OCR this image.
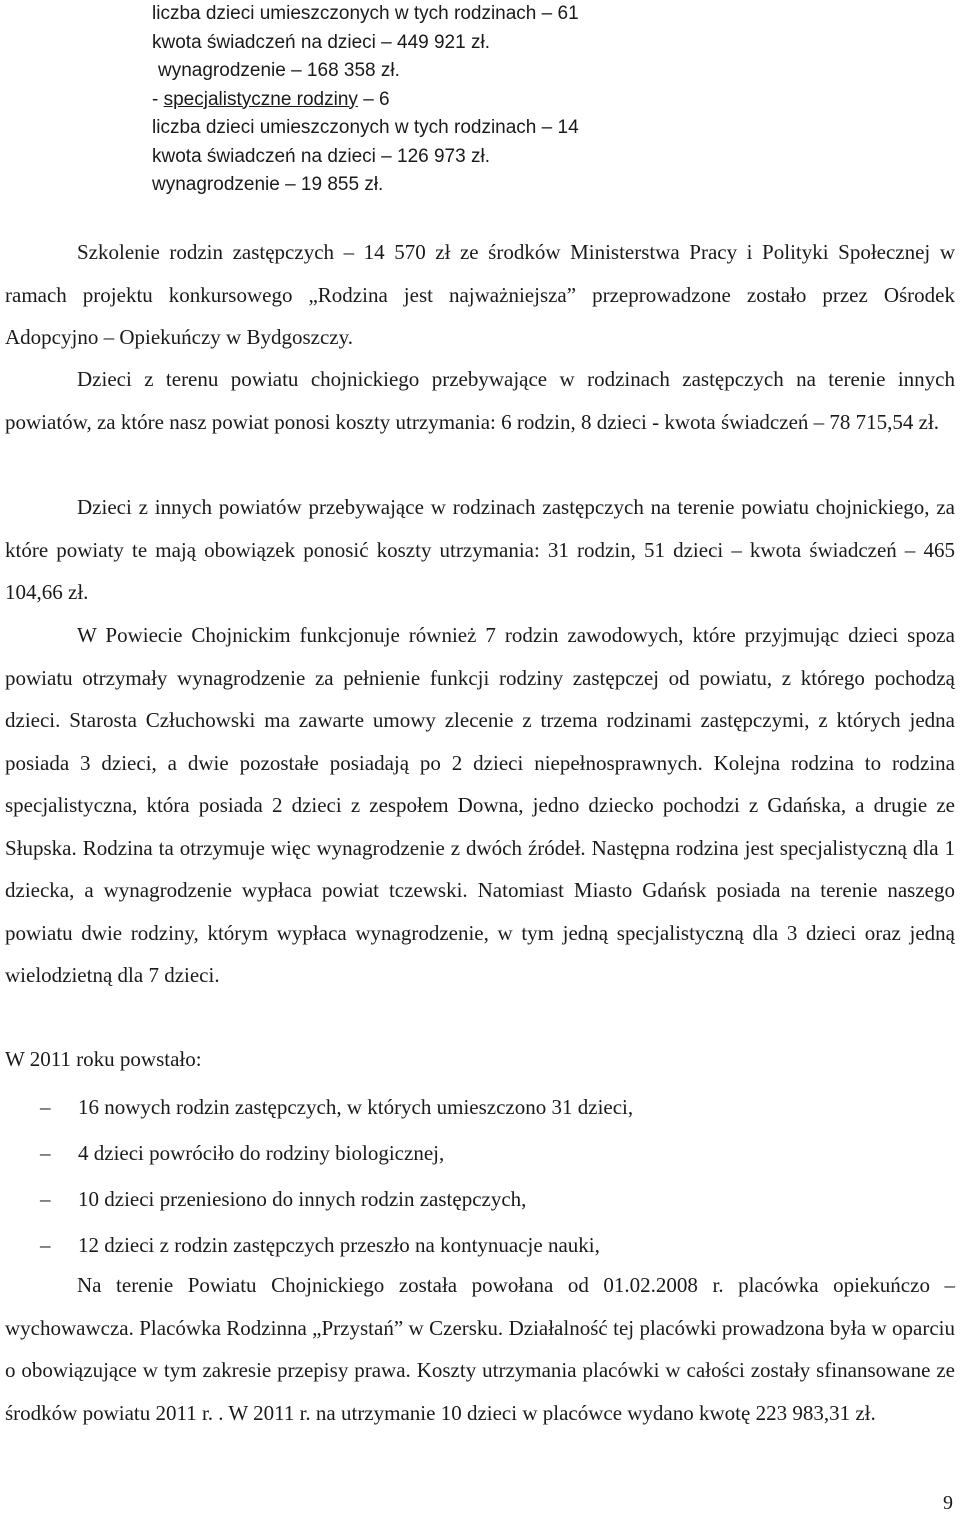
liczba dzieci umieszczonych w tych rodzinach – 61
kwota świadczeń na dzieci – 449 921 zł.
wynagrodzenie – 168 358 zł.
- specjalistyczne rodziny – 6
liczba dzieci umieszczonych w tych rodzinach – 14
kwota świadczeń na dzieci – 126 973 zł.
wynagrodzenie – 19 855 zł.

Szkolenie rodzin zastępczych – 14 570 zł ze środków Ministerstwa Pracy i Polityki Społecznej w ramach projektu konkursowego „Rodzina jest najważniejsza” przeprowadzone zostało przez Ośrodek Adopcyjno – Opiekuńczy w Bydgoszczy.

Dzieci z terenu powiatu chojnickiego przebywające w rodzinach zastępczych na terenie innych powiatów, za które nasz powiat ponosi koszty utrzymania: 6 rodzin, 8 dzieci - kwota świadczeń – 78 715,54 zł.

Dzieci z innych powiatów przebywające w rodzinach zastępczych na terenie powiatu chojnickiego, za które powiaty te mają obowiązek ponosić koszty utrzymania: 31 rodzin, 51 dzieci – kwota świadczeń – 465 104,66 zł.

W Powiecie Chojnickim funkcjonuje również 7 rodzin zawodowych, które przyjmując dzieci spoza powiatu otrzymały wynagrodzenie za pełnienie funkcji rodziny zastępczej od powiatu, z którego pochodzą dzieci. Starosta Człuchowski ma zawarte umowy zlecenie z trzema rodzinami zastępczymi, z których jedna posiada 3 dzieci, a dwie pozostałe posiadają po 2 dzieci niepełnosprawnych. Kolejna rodzina to rodzina specjalistyczna, która posiada 2 dzieci z zespołem Downa, jedno dziecko pochodzi z Gdańska, a drugie ze Słupska. Rodzina ta otrzymuje więc wynagrodzenie z dwóch źródeł. Następna rodzina jest specjalistyczną dla 1 dziecka, a wynagrodzenie wypłaca powiat tczewski. Natomiast Miasto Gdańsk posiada na terenie naszego powiatu dwie rodziny, którym wypłaca wynagrodzenie, w tym jedną specjalistyczną dla 3 dzieci oraz jedną wielodzietną dla 7 dzieci.

W 2011 roku powstało:
– 16 nowych rodzin zastępczych, w których umieszczono 31 dzieci,
– 4 dzieci powróciło do rodziny biologicznej,
– 10 dzieci przeniesiono do innych rodzin zastępczych,
– 12 dzieci z rodzin zastępczych przeszło na kontynuacje nauki,

Na terenie Powiatu Chojnickiego została powołana od 01.02.2008 r. placówka opiekuńczo – wychowawcza. Placówka Rodzinna „Przystań” w Czersku. Działalność tej placówki prowadzona była w oparciu o obowiązujące w tym zakresie przepisy prawa. Koszty utrzymania placówki w całości zostały sfinansowane ze środków powiatu 2011 r. . W 2011 r. na utrzymanie 10 dzieci w placówce wydano kwotę 223 983,31 zł.

9
